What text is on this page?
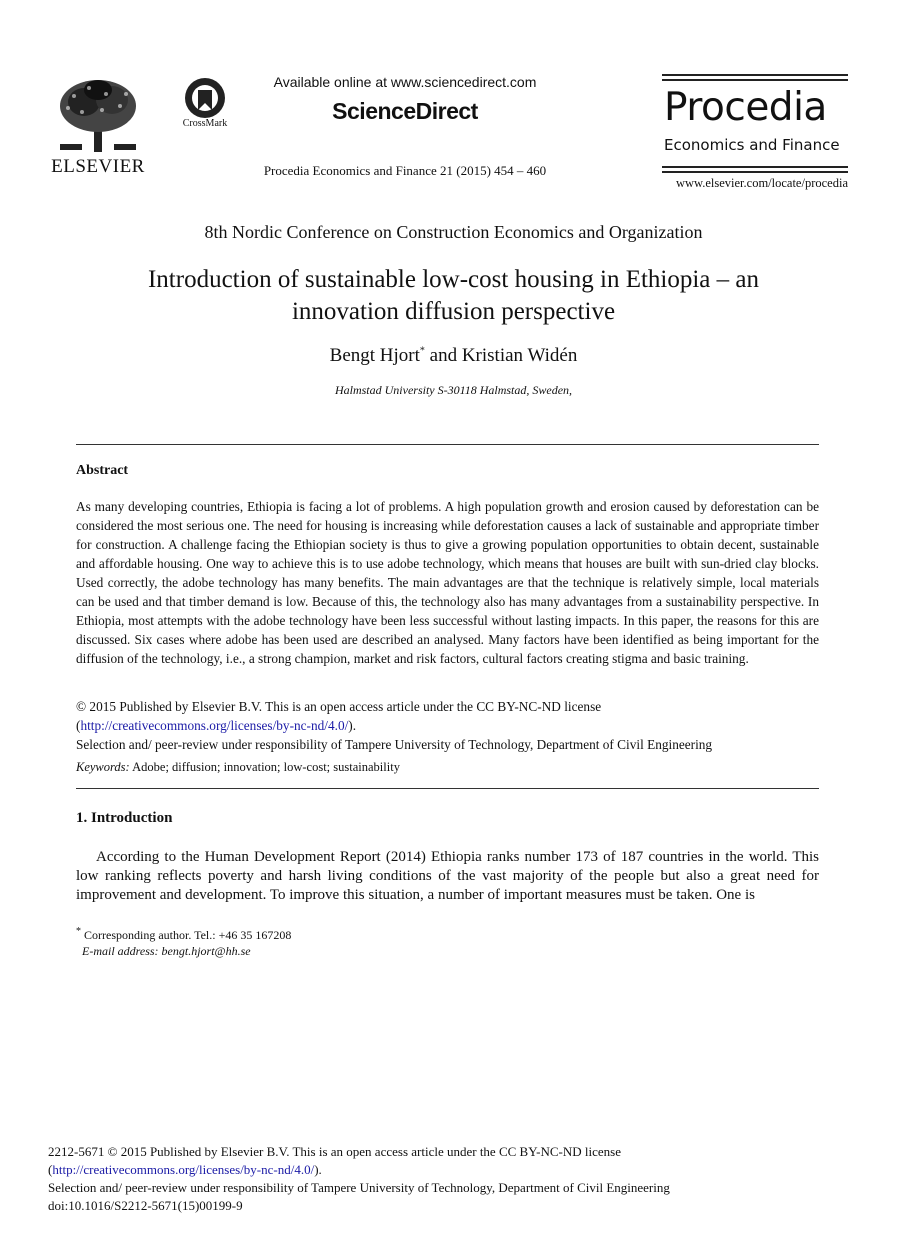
ELSEVIER
CrossMark
Available online at www.sciencedirect.com
ScienceDirect
Procedia Economics and Finance 21 (2015) 454 – 460
Procedia
Economics and Finance
www.elsevier.com/locate/procedia
8th Nordic Conference on Construction Economics and Organization
Introduction of sustainable low-cost housing in Ethiopia – an
innovation diffusion perspective
Bengt Hjort* and Kristian Widén
Halmstad University S-30118 Halmstad, Sweden,
Abstract
As many developing countries, Ethiopia is facing a lot of problems. A high population growth and erosion caused by deforestation can be considered the most serious one. The need for housing is increasing while deforestation causes a lack of sustainable and appropriate timber for construction. A challenge facing the Ethiopian society is thus to give a growing population opportunities to obtain decent, sustainable and affordable housing. One way to achieve this is to use adobe technology, which means that houses are built with sun-dried clay blocks. Used correctly, the adobe technology has many benefits. The main advantages are that the technique is relatively simple, local materials can be used and that timber demand is low. Because of this, the technology also has many advantages from a sustainability perspective. In Ethiopia, most attempts with the adobe technology have been less successful without lasting impacts. In this paper, the reasons for this are discussed. Six cases where adobe has been used are described an analysed. Many factors have been identified as being important for the diffusion of the technology, i.e., a strong champion, market and risk factors, cultural factors creating stigma and basic training.
© 2015 Published by Elsevier B.V. This is an open access article under the CC BY-NC-ND license
(http://creativecommons.org/licenses/by-nc-nd/4.0/).
Selection and/ peer-review under responsibility of Tampere University of Technology, Department of Civil Engineering
Keywords: Adobe; diffusion; innovation; low-cost; sustainability
1. Introduction
According to the Human Development Report (2014) Ethiopia ranks number 173 of 187 countries in the world. This low ranking reflects poverty and harsh living conditions of the vast majority of the people but also a great need for improvement and development. To improve this situation, a number of important measures must be taken. One is
* Corresponding author. Tel.: +46 35 167208
E-mail address: bengt.hjort@hh.se
2212-5671 © 2015 Published by Elsevier B.V. This is an open access article under the CC BY-NC-ND license
(http://creativecommons.org/licenses/by-nc-nd/4.0/).
Selection and/ peer-review under responsibility of Tampere University of Technology, Department of Civil Engineering
doi:10.1016/S2212-5671(15)00199-9
